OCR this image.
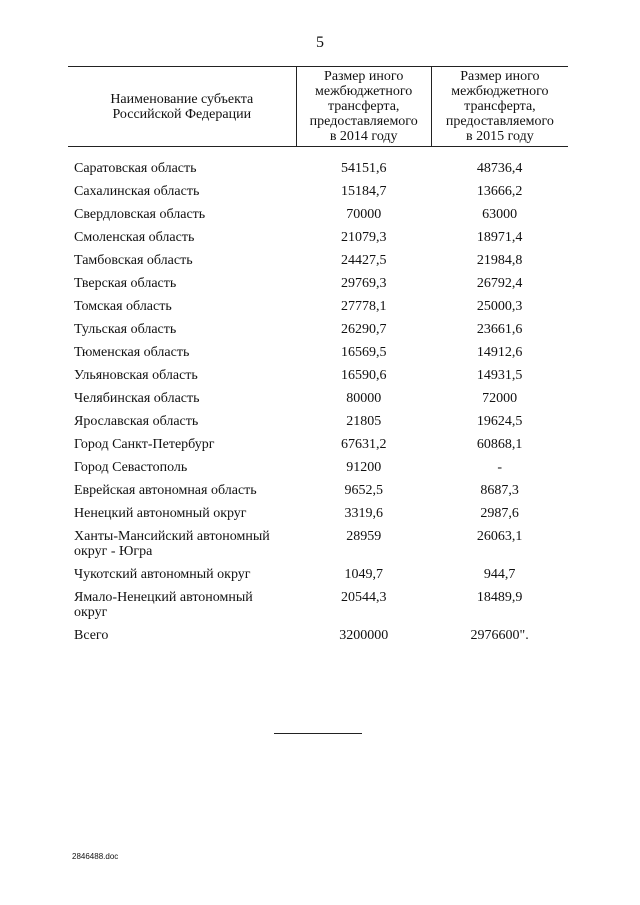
5
Наименование субъекта
Российской Федерации	Размер иного
межбюджетного
трансферта,
предоставляемого
в 2014 году	Размер иного
межбюджетного
трансферта,
предоставляемого
в 2015 году

Саратовская область	54151,6	48736,4

Сахалинская область	15184,7	13666,2

Свердловская область	70000	63000

Смоленская область	21079,3	18971,4

Тамбовская область	24427,5	21984,8

Тверская область	29769,3	26792,4

Томская область	27778,1	25000,3

Тульская область	26290,7	23661,6

Тюменская область	16569,5	14912,6

Ульяновская область	16590,6	14931,5

Челябинская область	80000	72000

Ярославская область	21805	19624,5

Город Санкт-Петербург	67631,2	60868,1

Город Севастополь	91200	-

Еврейская автономная область	9652,5	8687,3

Ненецкий автономный округ	3319,6	2987,6

Ханты-Мансийский автономный
округ - Югра	28959	26063,1

Чукотский автономный округ	1049,7	944,7

Ямало-Ненецкий автономный
округ	20544,3	18489,9

Всего	3200000	2976600".
2846488.doc
